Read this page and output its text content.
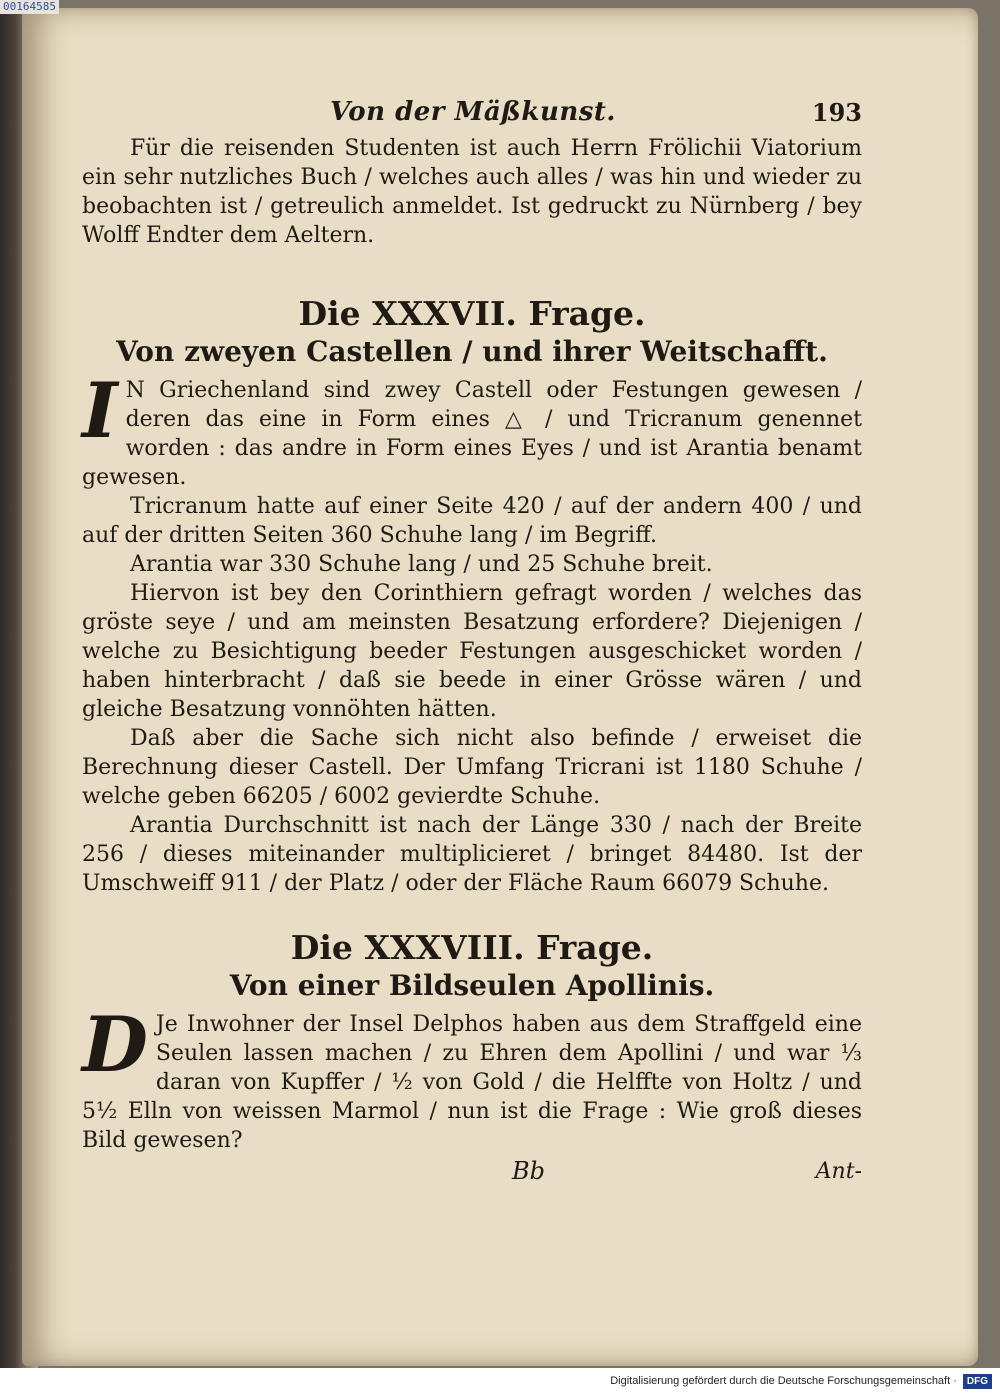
00164585
Von der Mäßkunst.	193

Für die reisenden Studenten ist auch Herrn Frölichii Viatorium ein sehr nutzliches Buch / welches auch alles / was hin und wieder zu beobachten ist / getreulich anmeldet. Ist gedruckt zu Nürnberg / bey Wolff Endter dem Aeltern.

Die XXXVII. Frage.
Von zweyen Castellen / und ihrer Weitschafft.

I N Griechenland sind zwey Castell oder Festungen gewesen / deren das eine in Form eines △ / und Tricranum genennet worden : das andre in Form eines Eyes / und ist Arantia benamt gewesen.

Tricranum hatte auf einer Seite 420 / auf der andern 400 / und auf der dritten Seiten 360 Schuhe lang / im Begriff.

Arantia war 330 Schuhe lang / und 25 Schuhe breit.

Hiervon ist bey den Corinthiern gefragt worden / welches das gröste seye / und am meinsten Besatzung erfordere? Diejenigen / welche zu Besichtigung beeder Festungen ausgeschicket worden / haben hinterbracht / daß sie beede in einer Grösse wären / und gleiche Besatzung vonnöhten hätten.

Daß aber die Sache sich nicht also befinde / erweiset die Berechnung dieser Castell. Der Umfang Tricrani ist 1180 Schuhe / welche geben 66205 / 6002 gevierdte Schuhe.

Arantia Durchschnitt ist nach der Länge 330 / nach der Breite 256 / dieses miteinander multiplicieret / bringet 84480. Ist der Umschweiff 911 / der Platz / oder der Fläche Raum 66079 Schuhe.

Die XXXVIII. Frage.
Von einer Bildseulen Apollinis.

D Je Inwohner der Insel Delphos haben aus dem Straffgeld eine Seulen lassen machen / zu Ehren dem Apollini / und war ⅓ daran von Kupffer / ½ von Gold / die Helffte von Holtz / und 5½ Elln von weissen Marmol / nun ist die Frage : Wie groß dieses Bild gewesen?

Bb	Ant-
Digitalisierung gefördert durch die Deutsche Forschungsgemeinschaft ·	DFG
